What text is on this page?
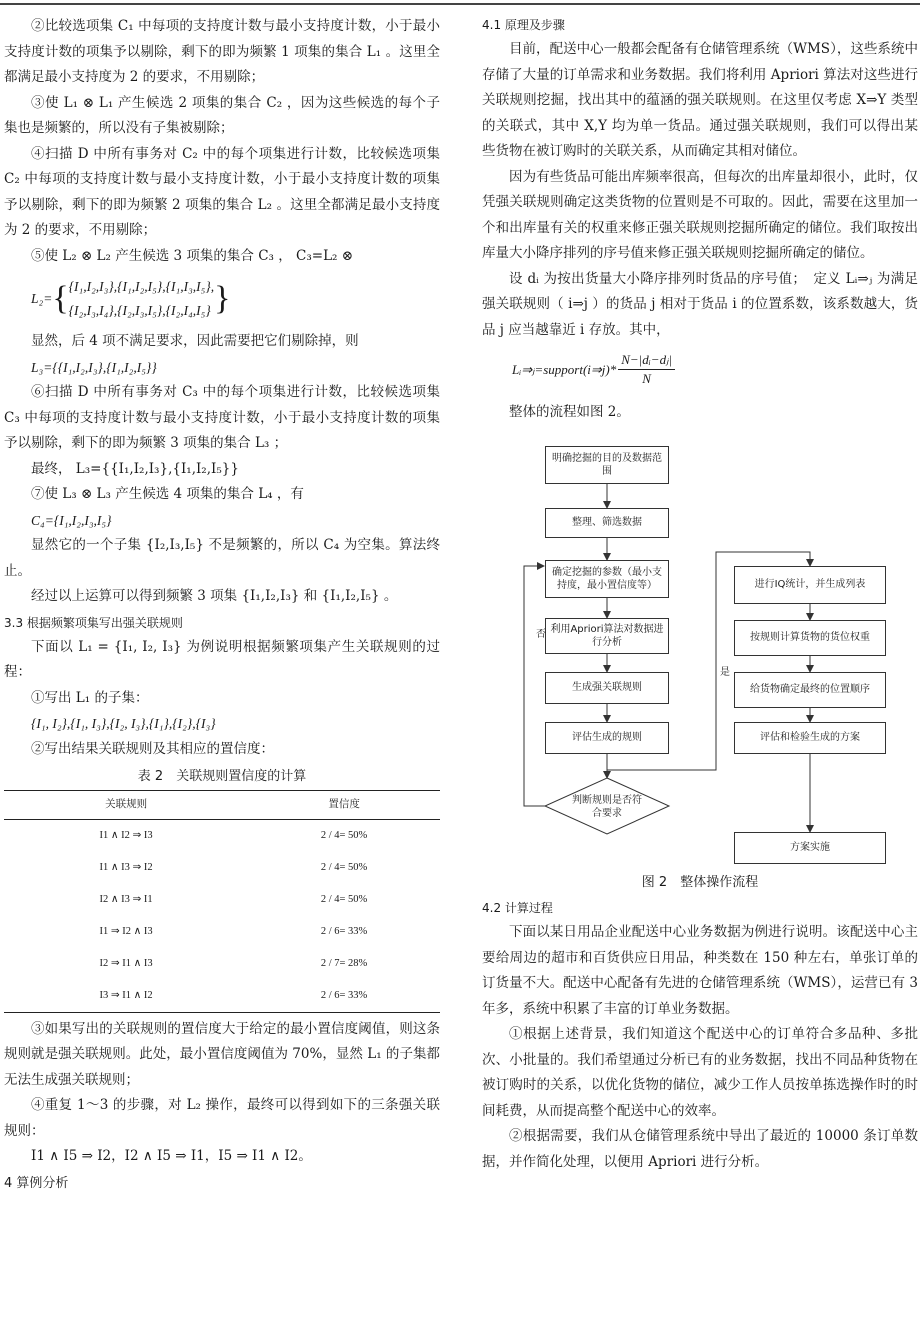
②比较选项集 C₁ 中每项的支持度计数与最小支持度计数，小于最小支持度计数的项集予以剔除，剩下的即为频繁 1 项集的集合 L₁ 。这里全都满足最小支持度为 2 的要求，不用剔除；

③使 L₁ ⊗ L₁ 产生候选 2 项集的集合 C₂ ，因为这些候选的每个子集也是频繁的，所以没有子集被剔除；

④扫描 D 中所有事务对 C₂ 中的每个项集进行计数，比较候选项集 C₂ 中每项的支持度计数与最小支持度计数，小于最小支持度计数的项集予以剔除，剩下的即为频繁 2 项集的集合 L₂ 。这里全都满足最小支持度为 2 的要求，不用剔除；

⑤使 L₂ ⊗ L₂ 产生候选 3 项集的集合 C₃ ， C₃=L₂ ⊗

L₂= { {I₁,I₂,I₃},{I₁,I₂,I₅},{I₁,I₃,I₅},
{I₂,I₃,I₄},{I₂,I₃,I₅},{I₂,I₄,I₅} }

显然，后 4 项不满足要求，因此需要把它们剔除掉，则

L₃={{I₁,I₂,I₃},{I₁,I₂,I₅}}

⑥扫描 D 中所有事务对 C₃ 中的每个项集进行计数，比较候选项集 C₃ 中每项的支持度计数与最小支持度计数，小于最小支持度计数的项集予以剔除，剩下的即为频繁 3 项集的集合 L₃ ；

最终， L₃={{I₁,I₂,I₃},{I₁,I₂,I₅}}

⑦使 L₃ ⊗ L₃ 产生候选 4 项集的集合 L₄ ，有

C₄={I₁,I₂,I₃,I₅}

显然它的一个子集 {I₂,I₃,I₅} 不是频繁的，所以 C₄ 为空集。算法终止。

经过以上运算可以得到频繁 3 项集 {I₁,I₂,I₃} 和 {I₁,I₂,I₅} 。

3.3 根据频繁项集写出强关联规则

下面以 L₁ = {I₁, I₂, I₃} 为例说明根据频繁项集产生关联规则的过程：

①写出 L₁ 的子集：

{I₁, I₂},{I₁, I₃},{I₂, I₃},{I₁},{I₂},{I₃}

②写出结果关联规则及其相应的置信度：

表 2　关联规则置信度的计算
关联规则	置信度
I1 ∧ I2 ⇒ I3	2 / 4= 50%
I1 ∧ I3 ⇒ I2	2 / 4= 50%
I2 ∧ I3 ⇒ I1	2 / 4= 50%
I1 ⇒ I2 ∧ I3	2 / 6= 33%
I2 ⇒ I1 ∧ I3	2 / 7= 28%
I3 ⇒ I1 ∧ I2	2 / 6= 33%

③如果写出的关联规则的置信度大于给定的最小置信度阈值，则这条规则就是强关联规则。此处，最小置信度阈值为 70%，显然 L₁ 的子集都无法生成强关联规则；

④重复 1～3 的步骤，对 L₂ 操作，最终可以得到如下的三条强关联规则：

I1 ∧ I5 ⇒ I2，I2 ∧ I5 ⇒ I1，I5 ⇒ I1 ∧ I2。

4 算例分析

4.1 原理及步骤

目前，配送中心一般都会配备有仓储管理系统（WMS），这些系统中存储了大量的订单需求和业务数据。我们将利用 Apriori 算法对这些进行关联规则挖掘，找出其中的蕴涵的强关联规则。在这里仅考虑 X⇒Y 类型的关联式，其中 X,Y 均为单一货品。通过强关联规则，我们可以得出某些货物在被订购时的关联关系，从而确定其相对储位。

因为有些货品可能出库频率很高，但每次的出库量却很小，此时，仅凭强关联规则确定这类货物的位置则是不可取的。因此，需要在这里加一个和出库量有关的权重来修正强关联规则挖掘所确定的储位。我们取按出库量大小降序排列的序号值来修正强关联规则挖掘所确定的储位。

设 dᵢ 为按出货量大小降序排列时货品的序号值；　定义 Lᵢ⇒ⱼ 为满足强关联规则（ i⇒j ）的货品 j 相对于货品 i 的位置系数，该系数越大，货品 j 应当越靠近 i 存放。其中，

Lᵢ⇒ⱼ=support(i⇒j)* $\frac{\text{N−|dᵢ−dⱼ|}}{N}$

整体的流程如图 2。

明确挖掘的目的及数据范围
整理、筛选数据
确定挖掘的参数（最小支持度，最小置信度等）
利用Apriori算法对数据进行分析
生成强关联规则
评估生成的规则
判断规则是否符合要求
进行IQ统计，并生成列表
按规则计算货物的货位权重
给货物确定最终的位置顺序
评估和检验生成的方案
方案实施
否
是
图 2　整体操作流程

4.2 计算过程

下面以某日用品企业配送中心业务数据为例进行说明。该配送中心主要给周边的超市和百货供应日用品，种类数在 150 种左右，单张订单的订货量不大。配送中心配备有先进的仓储管理系统（WMS），运营已有 3 年多，系统中积累了丰富的订单业务数据。

①根据上述背景，我们知道这个配送中心的订单符合多品种、多批次、小批量的。我们希望通过分析已有的业务数据，找出不同品种货物在被订购时的关系，以优化货物的储位，减少工作人员按单拣选操作时的时间耗费，从而提高整个配送中心的效率。

②根据需要，我们从仓储管理系统中导出了最近的 10000 条订单数据，并作简化处理，以便用 Apriori 进行分析。
